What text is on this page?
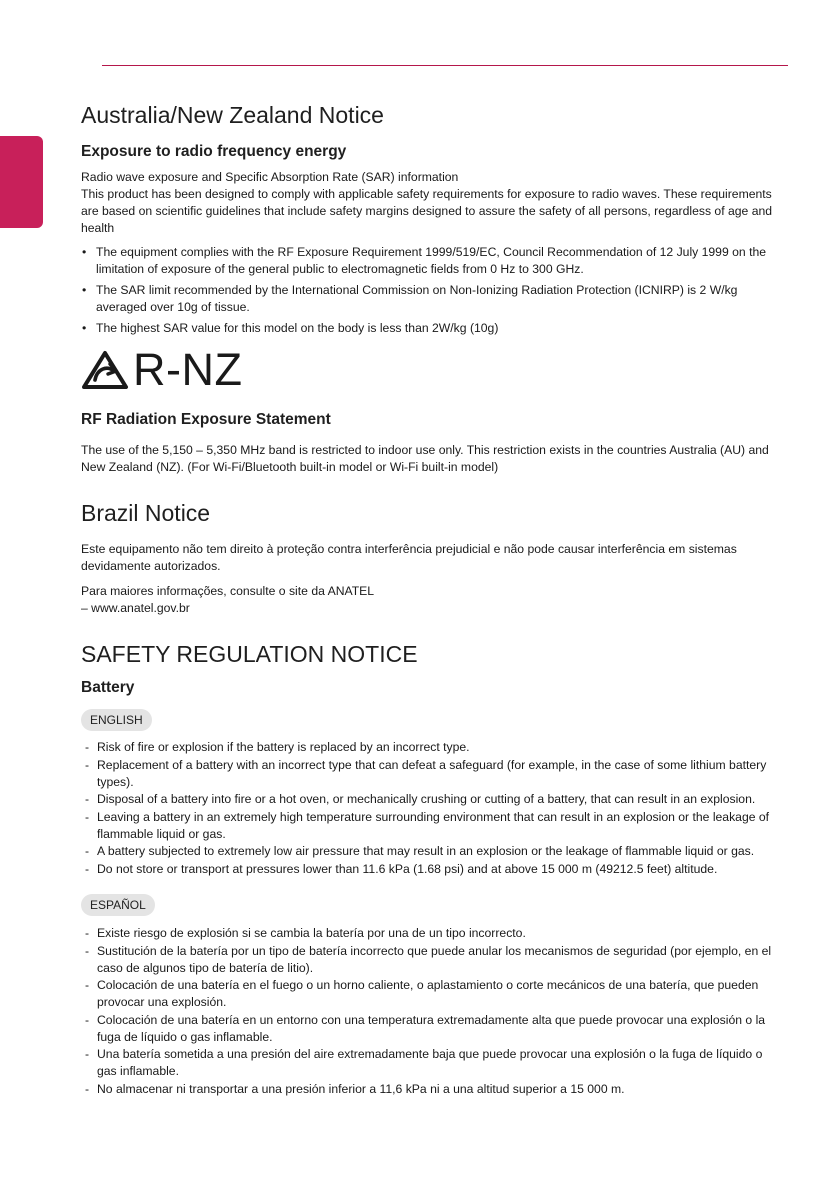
Australia/New Zealand Notice
Exposure to radio frequency energy

Radio wave exposure and Specific Absorption Rate (SAR) information

This product has been designed to comply with applicable safety requirements for exposure to radio waves. These requirements are based on scientific guidelines that include safety margins designed to assure the safety of all persons, regardless of age and health

• The equipment complies with the RF Exposure Requirement 1999/519/EC, Council Recommendation of 12 July 1999 on the limitation of exposure of the general public to electromagnetic fields from 0 Hz to 300 GHz.
• The SAR limit recommended by the International Commission on Non-Ionizing Radiation Protection (ICNIRP) is 2 W/kg averaged over 10g of tissue.
• The highest SAR value for this model on the body is less than 2W/kg (10g)
R-NZ
RF Radiation Exposure Statement

The use of the 5,150 – 5,350 MHz band is restricted to indoor use only. This restriction exists in the countries Australia (AU) and New Zealand (NZ). (For Wi-Fi/Bluetooth built-in model or Wi-Fi built-in model)

Brazil Notice

Este equipamento não tem direito à proteção contra interferência prejudicial e não pode causar interferência em sistemas devidamente autorizados.

Para maiores informações, consulte o site da ANATEL

– www.anatel.gov.br

SAFETY REGULATION NOTICE
Battery
ENGLISH
- Risk of fire or explosion if the battery is replaced by an incorrect type.
- Replacement of a battery with an incorrect type that can defeat a safeguard (for example, in the case of some lithium battery types).
- Disposal of a battery into fire or a hot oven, or mechanically crushing or cutting of a battery, that can result in an explosion.
- Leaving a battery in an extremely high temperature surrounding environment that can result in an explosion or the leakage of flammable liquid or gas.
- A battery subjected to extremely low air pressure that may result in an explosion or the leakage of flammable liquid or gas.
- Do not store or transport at pressures lower than 11.6 kPa (1.68 psi) and at above 15 000 m (49212.5 feet) altitude.
ESPAÑOL
- Existe riesgo de explosión si se cambia la batería por una de un tipo incorrecto.
- Sustitución de la batería por un tipo de batería incorrecto que puede anular los mecanismos de seguridad (por ejemplo, en el caso de algunos tipo de batería de litio).
- Colocación de una batería en el fuego o un horno caliente, o aplastamiento o corte mecánicos de una batería, que pueden provocar una explosión.
- Colocación de una batería en un entorno con una temperatura extremadamente alta que puede provocar una explosión o la fuga de líquido o gas inflamable.
- Una batería sometida a una presión del aire extremadamente baja que puede provocar una explosión o la fuga de líquido o gas inflamable.
- No almacenar ni transportar a una presión inferior a 11,6 kPa ni a una altitud superior a 15 000 m.
